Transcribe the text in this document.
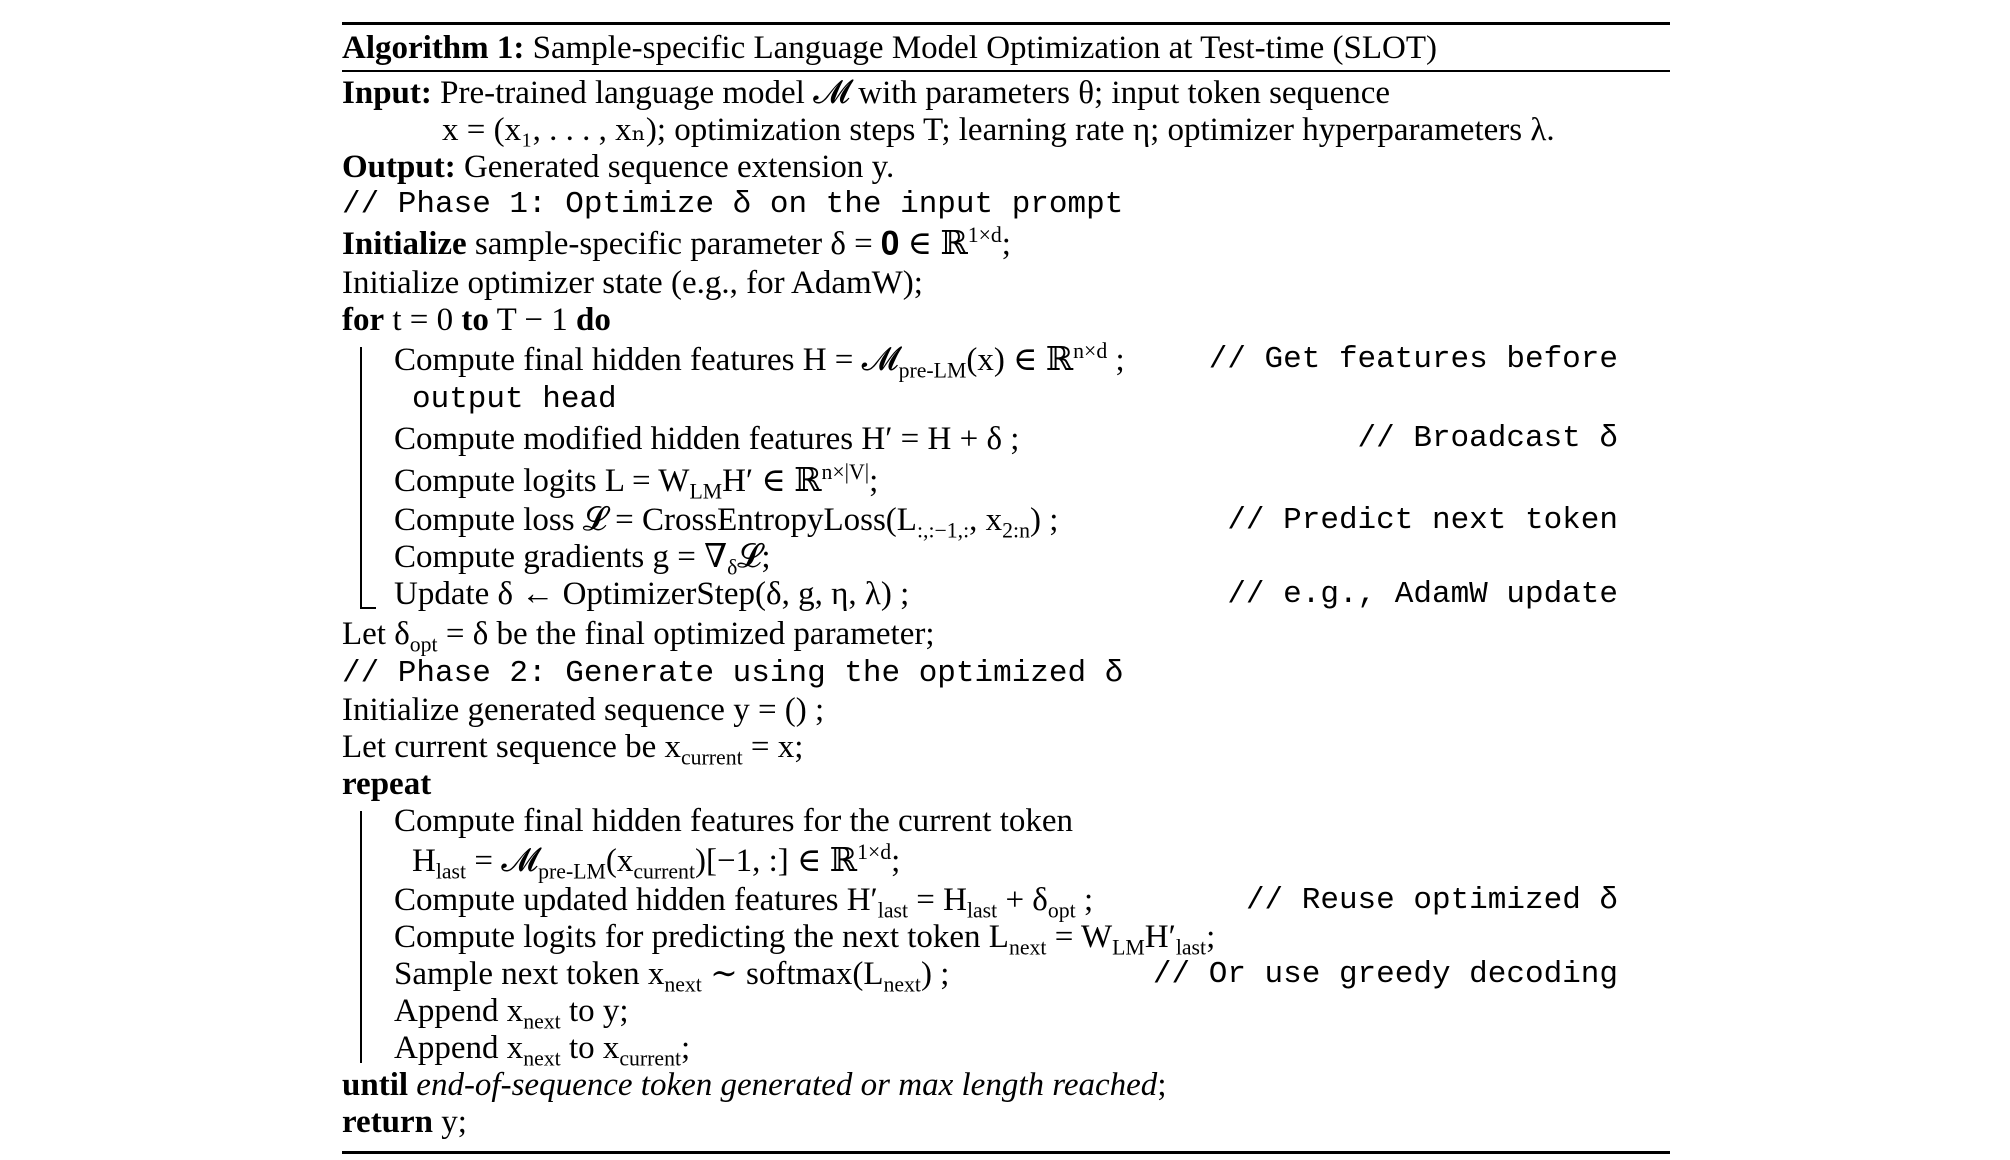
Algorithm 1: Sample-specific Language Model Optimization at Test-time (SLOT)
Input: Pre-trained language model 𝓜 with parameters θ; input token sequence
x = (x₁, . . . , xₙ); optimization steps T; learning rate η; optimizer hyperparameters λ.
Output: Generated sequence extension y.
// Phase 1: Optimize δ on the input prompt
Initialize sample-specific parameter δ = 𝟎 ∈ ℝ$^{1\times d}$;
Initialize optimizer state (e.g., for AdamW);
for t = 0 to T − 1 do
Compute final hidden features H = 𝓜$_{pre-LM}$(x) ∈ ℝ$^{n\times d}$ ;	// Get features before
output head
Compute modified hidden features H′ = H + δ ;	// Broadcast δ
Compute logits $L = W_{LM}H'$ ∈ ℝ$^{n\times|V|}$;
Compute loss 𝓛 = $CrossEntropyLoss(L_{:,:-1,:}$, $x_{2:n}$) ;	// Predict next token
Compute gradients $g = \nabla_\delta 𝓛$;
Update δ ← OptimizerStep(δ, g, η, λ) ;	// e.g., AdamW update
Let $\delta_{opt} = \delta$ be the final optimized parameter;
// Phase 2: Generate using the optimized δ
Initialize generated sequence y = () ;
Let current sequence be $x_{current} = x$;
repeat
Compute final hidden features for the current token
$H_{last}$ = $𝓜_{pre-LM}(x_{current})[-1$, :] ∈ ℝ$^{1\times d}$;
Compute updated hidden features $H'_{last} = H_{last} + \delta_{opt}$ ;	// Reuse optimized δ
Compute logits for predicting the next token $L_{next} = W_{LM}H'_{last}$;
Sample next token $x_{next}$ ∼ $softmax(L_{next})$ ;	// Or use greedy decoding
Append $x_{next}$ to y;
Append $x_{next}$ to $x_{current}$;
until end-of-sequence token generated or max length reached;
return y;
